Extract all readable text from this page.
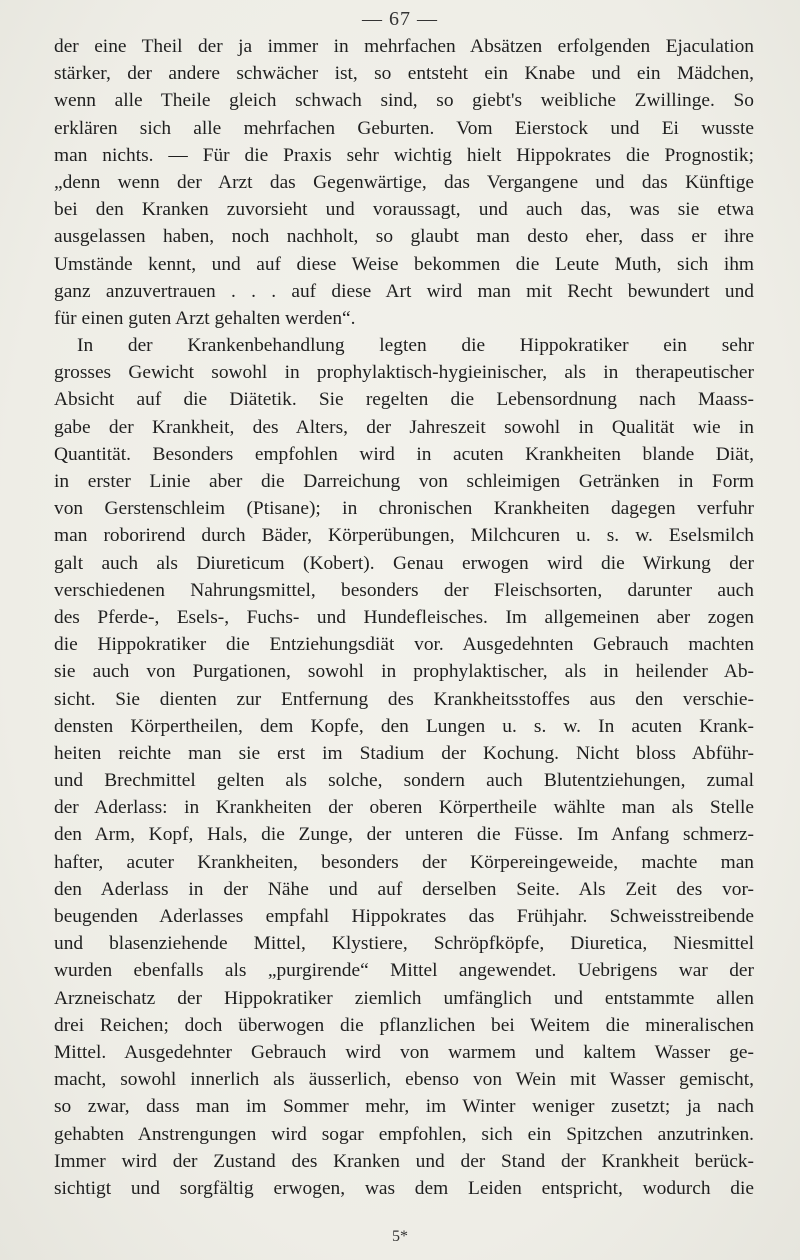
— 67 —
der eine Theil der ja immer in mehrfachen Absätzen erfolgenden Ejaculation
stärker, der andere schwächer ist, so entsteht ein Knabe und ein Mädchen,
wenn alle Theile gleich schwach sind, so giebt's weibliche Zwillinge. So
erklären sich alle mehrfachen Geburten. Vom Eierstock und Ei wusste
man nichts. — Für die Praxis sehr wichtig hielt Hippokrates die Prognostik;
„denn wenn der Arzt das Gegenwärtige, das Vergangene und das Künftige
bei den Kranken zuvorsieht und voraussagt, und auch das, was sie etwa
ausgelassen haben, noch nachholt, so glaubt man desto eher, dass er ihre
Umstände kennt, und auf diese Weise bekommen die Leute Muth, sich ihm
ganz anzuvertrauen . . . auf diese Art wird man mit Recht bewundert und
für einen guten Arzt gehalten werden“.
In der Krankenbehandlung legten die Hippokratiker ein sehr
grosses Gewicht sowohl in prophylaktisch-hygieinischer, als in therapeutischer
Absicht auf die Diätetik. Sie regelten die Lebensordnung nach Maass-
gabe der Krankheit, des Alters, der Jahreszeit sowohl in Qualität wie in
Quantität. Besonders empfohlen wird in acuten Krankheiten blande Diät,
in erster Linie aber die Darreichung von schleimigen Getränken in Form
von Gerstenschleim (Ptisane); in chronischen Krankheiten dagegen verfuhr
man roborirend durch Bäder, Körperübungen, Milchcuren u. s. w. Eselsmilch
galt auch als Diureticum (Kobert). Genau erwogen wird die Wirkung der
verschiedenen Nahrungsmittel, besonders der Fleischsorten, darunter auch
des Pferde-, Esels-, Fuchs- und Hundefleisches. Im allgemeinen aber zogen
die Hippokratiker die Entziehungsdiät vor. Ausgedehnten Gebrauch machten
sie auch von Purgationen, sowohl in prophylaktischer, als in heilender Ab-
sicht. Sie dienten zur Entfernung des Krankheitsstoffes aus den verschie-
densten Körpertheilen, dem Kopfe, den Lungen u. s. w. In acuten Krank-
heiten reichte man sie erst im Stadium der Kochung. Nicht bloss Abführ-
und Brechmittel gelten als solche, sondern auch Blutentziehungen, zumal
der Aderlass: in Krankheiten der oberen Körpertheile wählte man als Stelle
den Arm, Kopf, Hals, die Zunge, der unteren die Füsse. Im Anfang schmerz-
hafter, acuter Krankheiten, besonders der Körpereingeweide, machte man
den Aderlass in der Nähe und auf derselben Seite. Als Zeit des vor-
beugenden Aderlasses empfahl Hippokrates das Frühjahr. Schweisstreibende
und blasenziehende Mittel, Klystiere, Schröpfköpfe, Diuretica, Niesmittel
wurden ebenfalls als „purgirende“ Mittel angewendet. Uebrigens war der
Arzneischatz der Hippokratiker ziemlich umfänglich und entstammte allen
drei Reichen; doch überwogen die pflanzlichen bei Weitem die mineralischen
Mittel. Ausgedehnter Gebrauch wird von warmem und kaltem Wasser ge-
macht, sowohl innerlich als äusserlich, ebenso von Wein mit Wasser gemischt,
so zwar, dass man im Sommer mehr, im Winter weniger zusetzt; ja nach
gehabten Anstrengungen wird sogar empfohlen, sich ein Spitzchen anzutrinken.
Immer wird der Zustand des Kranken und der Stand der Krankheit berück-
sichtigt und sorgfältig erwogen, was dem Leiden entspricht, wodurch die
5*
